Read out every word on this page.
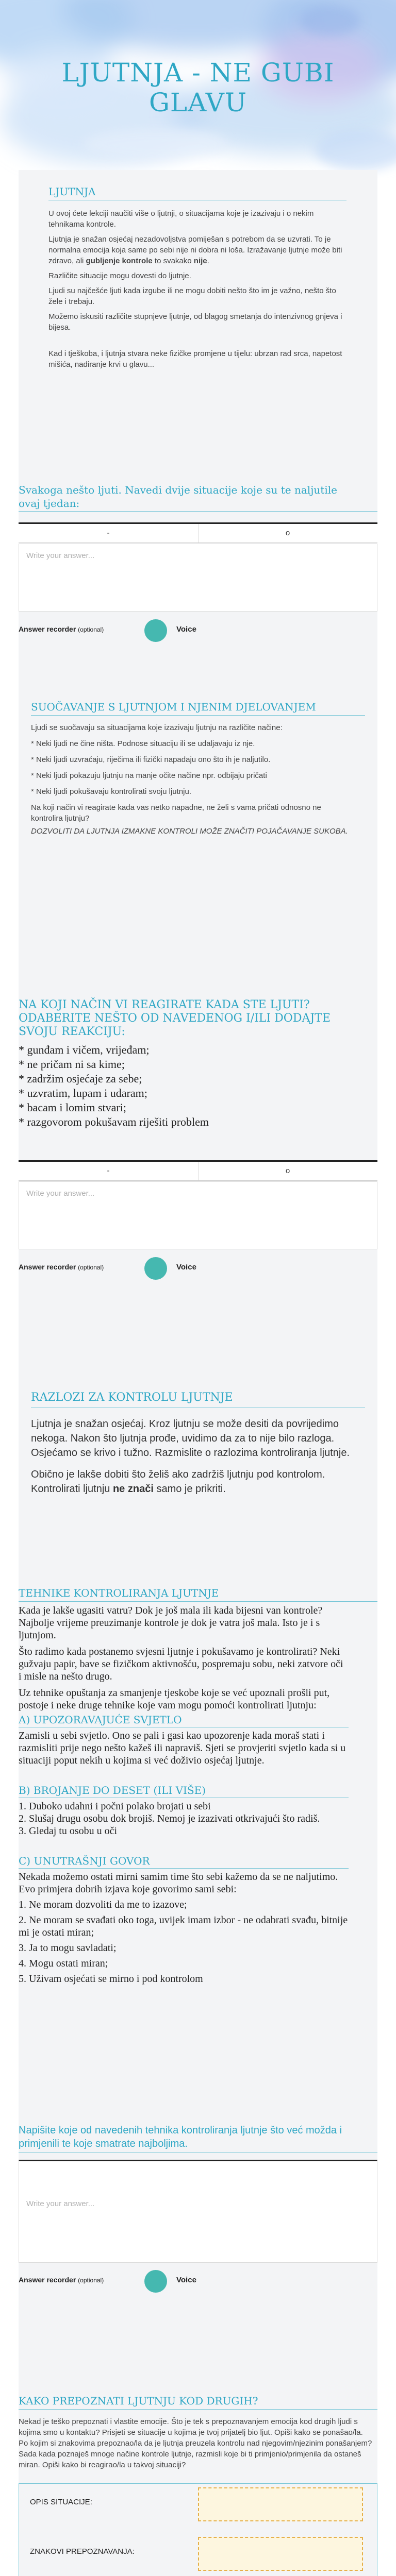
LJUTNJA - NE GUBI
GLAVU
LJUTNJA

U ovoj ćete lekciji naučiti više o ljutnji, o situacijama koje je izazivaju i o nekim tehnikama kontrole.

Ljutnja je snažan osjećaj nezadovoljstva pomiješan s potrebom da se uzvrati. To je normalna emocija koja same po sebi nije ni dobra ni loša. Izražavanje ljutnje može biti zdravo, ali gubljenje kontrole to svakako nije.

Različite situacije mogu dovesti do ljutnje.

Ljudi su najčešće ljuti kada izgube ili ne mogu dobiti nešto što im je važno, nešto što žele i trebaju.

Možemo iskusiti različite stupnjeve ljutnje, od blagog smetanja do intenzivnog gnjeva i bijesa.

Kad i tješkoba, i ljutnja stvara neke fizičke promjene u tijelu: ubrzan rad srca, napetost mišića, nadiranje krvi u glavu...

Svakoga nešto ljuti. Navedi dvije situacije koje su te naljutile ovaj tjedan:
-	o
Write your answer...
Answer recorder (optional)	Voice
SUOČAVANJE S LJUTNJOM I NJENIM DJELOVANJEM

Ljudi se suočavaju sa situacijama koje izazivaju ljutnju na različite načine:

* Neki ljudi ne čine ništa. Podnose situaciju ili se udaljavaju iz nje.

* Neki ljudi uzvraćaju, riječima ili fizički napadaju ono što ih je naljutilo.

* Neki ljudi pokazuju ljutnju na manje očite načine npr. odbijaju pričati

* Neki ljudi pokušavaju kontrolirati svoju ljutnju.

Na koji način vi reagirate kada vas netko napadne, ne želi s vama pričati odnosno ne kontrolira ljutnju?

DOZVOLITI DA LJUTNJA IZMAKNE KONTROLI MOŽE ZNAČITI POJAČAVANJE SUKOBA.

NA KOJI NAČIN VI REAGIRATE KADA STE LJUTI? ODABERITE NEŠTO OD NAVEDENOG I/ILI DODAJTE SVOJU REAKCIJU:
* gunđam i vičem, vrijeđam;
* ne pričam ni sa kime;
* zadržim osjećaje za sebe;
* uzvratim, lupam i udaram;
* bacam i lomim stvari;
* razgovorom pokušavam riješiti problem
-	o
Write your answer...
Answer recorder (optional)	Voice
RAZLOZI ZA KONTROLU LJUTNJE

Ljutnja je snažan osjećaj. Kroz ljutnju se može desiti da povrijedimo nekoga. Nakon što ljutnja prođe, uvidimo da za to nije bilo razloga. Osjećamo se krivo i tužno. Razmislite o razlozima kontroliranja ljutnje.

Obično je lakše dobiti što želiš ako zadržiš ljutnju pod kontrolom. Kontrolirati ljutnju ne znači samo je prikriti.

TEHNIKE KONTROLIRANJA LJUTNJE

Kada je lakše ugasiti vatru? Dok je još mala ili kada bijesni van kontrole? Najbolje vrijeme preuzimanje kontrole je dok je vatra još mala. Isto je i s ljutnjom.

Što radimo kada postanemo svjesni ljutnje i pokušavamo je kontrolirati? Neki gužvaju papir, bave se fizičkom aktivnošću, pospremaju sobu, neki zatvore oči i misle na nešto drugo.

Uz tehnike opuštanja za smanjenje tjeskobe koje se već upoznali prošli put, postoje i neke druge tehnike koje vam mogu pomoći kontrolirati ljutnju:

A) UPOZORAVAJUĆE SVJETLO

Zamisli u sebi svjetlo. Ono se pali i gasi kao upozorenje kada moraš stati i razmisliti prije nego nešto kažeš ili napraviš. Sjeti se provjeriti svjetlo kada si u situaciji poput nekih u kojima si već doživio osjećaj ljutnje.

B) BROJANJE DO DESET (ILI VIŠE)
1. Duboko udahni i počni polako brojati u sebi
2. Slušaj drugu osobu dok brojiš. Nemoj je izazivati otkrivajući što radiš.
3. Gledaj tu osobu u oči
C) UNUTRAŠNJI GOVOR

Nekada možemo ostati mirni samim time što sebi kažemo da se ne naljutimo. Evo primjera dobrih izjava koje govorimo sami sebi:

1. Ne moram dozvoliti da me to izazove;
2. Ne moram se svađati oko toga, uvijek imam izbor - ne odabrati svađu, bitnije mi je ostati miran;
3. Ja to mogu savladati;
4. Mogu ostati miran;
5. Uživam osjećati se mirno i pod kontrolom
Napišite koje od navedenih tehnika kontroliranja ljutnje što već možda i primjenili te koje smatrate najboljima.
Write your answer...
Answer recorder (optional)	Voice
KAKO PREPOZNATI LJUTNJU KOD DRUGIH?
Nekad je teško prepoznati i vlastite emocije. Što je tek s prepoznavanjem emocija kod drugih ljudi s kojima smo u kontaktu? Prisjeti se situacije u kojima je tvoj prijatelj bio ljut. Opiši kako se ponašao/la. Po kojim si znakovima prepoznao/la da je ljutnja preuzela kontrolu nad njegovim/njezinim ponašanjem? Sada kada poznaješ mnoge načine kontrole ljutnje, razmisli koje bi ti primjenio/primjenila da ostaneš miran. Opiši kako bi reagirao/la u takvoj situaciji?
OPIS SITUACIJE:
ZNAKOVI PREPOZNAVANJA:
